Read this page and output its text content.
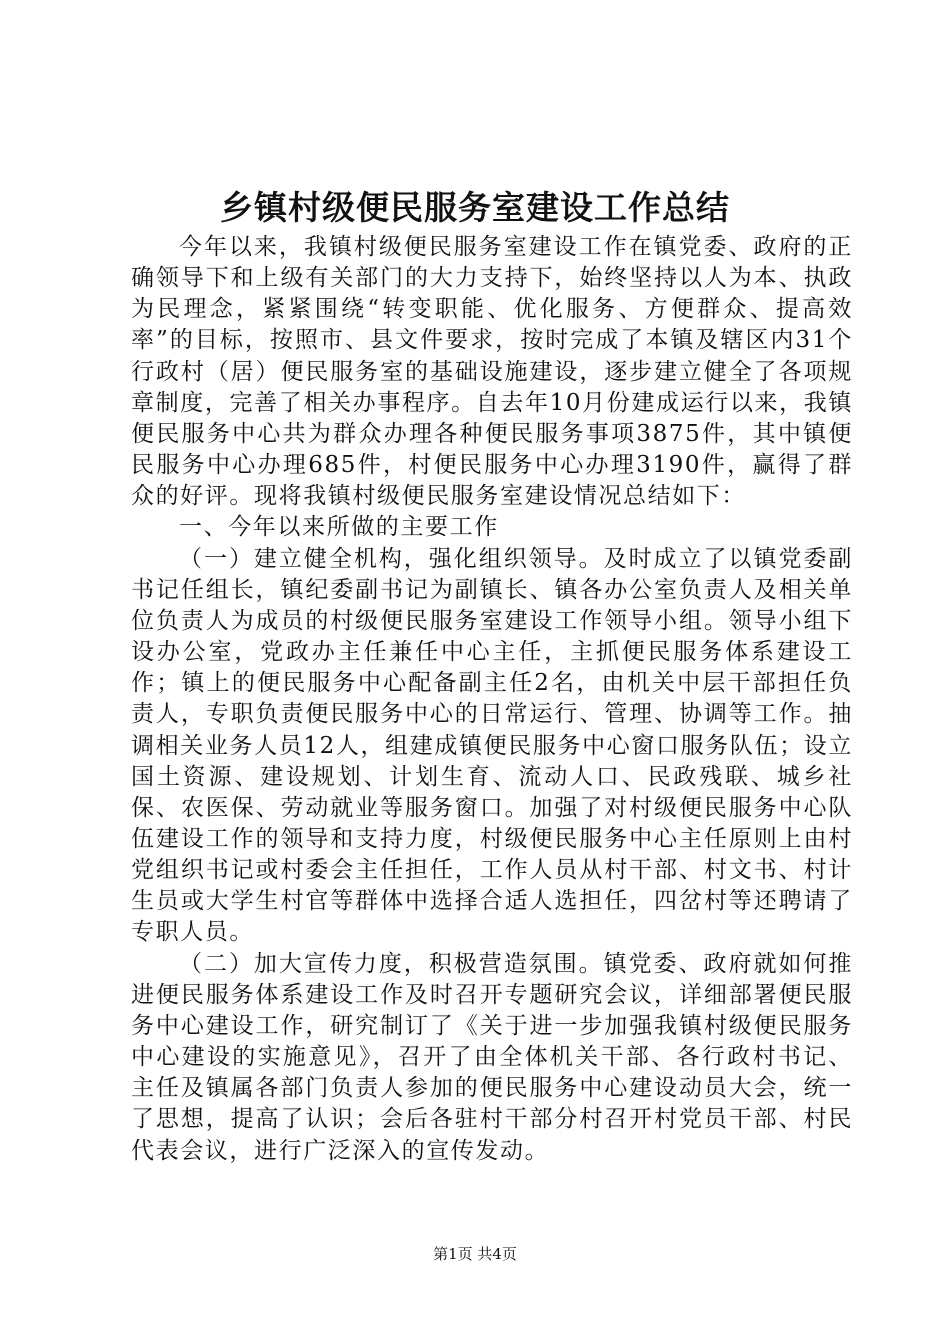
乡镇村级便民服务室建设工作总结

今年以来，我镇村级便民服务室建设工作在镇党委、政府的正确领导下和上级有关部门的大力支持下，始终坚持以人为本、执政为民理念，紧紧围绕“转变职能、优化服务、方便群众、提高效率”的目标，按照市、县文件要求，按时完成了本镇及辖区内31个行政村（居）便民服务室的基础设施建设，逐步建立健全了各项规章制度，完善了相关办事程序。自去年10月份建成运行以来，我镇便民服务中心共为群众办理各种便民服务事项3875件，其中镇便民服务中心办理685件，村便民服务中心办理3190件，赢得了群众的好评。现将我镇村级便民服务室建设情况总结如下：

一、今年以来所做的主要工作

（一）建立健全机构，强化组织领导。及时成立了以镇党委副书记任组长，镇纪委副书记为副镇长、镇各办公室负责人及相关单位负责人为成员的村级便民服务室建设工作领导小组。领导小组下设办公室，党政办主任兼任中心主任，主抓便民服务体系建设工作；镇上的便民服务中心配备副主任2名，由机关中层干部担任负责人，专职负责便民服务中心的日常运行、管理、协调等工作。抽调相关业务人员12人，组建成镇便民服务中心窗口服务队伍；设立国土资源、建设规划、计划生育、流动人口、民政残联、城乡社保、农医保、劳动就业等服务窗口。加强了对村级便民服务中心队伍建设工作的领导和支持力度，村级便民服务中心主任原则上由村党组织书记或村委会主任担任，工作人员从村干部、村文书、村计生员或大学生村官等群体中选择合适人选担任，四岔村等还聘请了专职人员。

（二）加大宣传力度，积极营造氛围。镇党委、政府就如何推进便民服务体系建设工作及时召开专题研究会议，详细部署便民服务中心建设工作，研究制订了《关于进一步加强我镇村级便民服务中心建设的实施意见》，召开了由全体机关干部、各行政村书记、主任及镇属各部门负责人参加的便民服务中心建设动员大会，统一了思想，提高了认识；会后各驻村干部分村召开村党员干部、村民代表会议，进行广泛深入的宣传发动。

第1页 共4页
